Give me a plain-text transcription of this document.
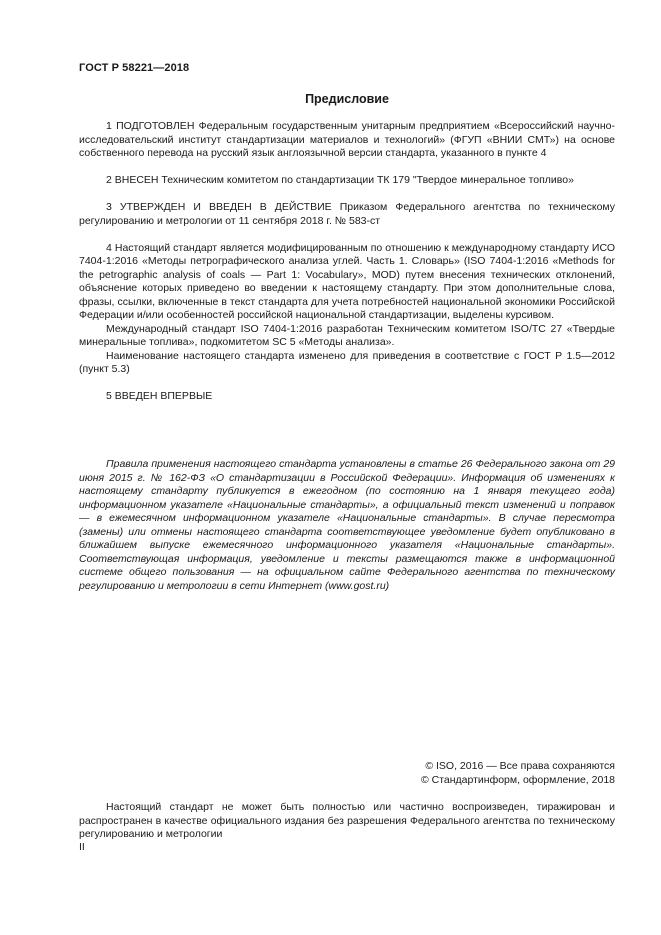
ГОСТ Р 58221—2018
Предисловие

1 ПОДГОТОВЛЕН Федеральным государственным унитарным предприятием «Всероссийский научно-исследовательский институт стандартизации материалов и технологий» (ФГУП «ВНИИ СМТ») на основе собственного перевода на русский язык англоязычной версии стандарта, указанного в пункте 4

2 ВНЕСЕН Техническим комитетом по стандартизации ТК 179 "Твердое минеральное топливо»

3 УТВЕРЖДЕН И ВВЕДЕН В ДЕЙСТВИЕ Приказом Федерального агентства по техническому регулированию и метрологии от 11 сентября 2018 г. № 583-ст

4 Настоящий стандарт является модифицированным по отношению к международному стандарту ИСО 7404-1:2016 «Методы петрографического анализа углей. Часть 1. Словарь» (ISO 7404-1:2016 «Methods for the petrographic analysis of coals — Part 1: Vocabulary», MOD) путем внесения технических отклонений, объяснение которых приведено во введении к настоящему стандарту. При этом дополнительные слова, фразы, ссылки, включенные в текст стандарта для учета потребностей национальной экономики Российской Федерации и/или особенностей российской национальной стандартизации, выделены курсивом.

Международный стандарт ISO 7404-1:2016 разработан Техническим комитетом ISO/TC 27 «Твердые минеральные топлива», подкомитетом SC 5 «Методы анализа».

Наименование настоящего стандарта изменено для приведения в соответствие с ГОСТ Р 1.5—2012 (пункт 5.3)

5 ВВЕДЕН ВПЕРВЫЕ

Правила применения настоящего стандарта установлены в статье 26 Федерального закона от 29 июня 2015 г. № 162-ФЗ «О стандартизации в Российской Федерации». Информация об изменениях к настоящему стандарту публикуется в ежегодном (по состоянию на 1 января текущего года) информационном указателе «Национальные стандарты», а официальный текст изменений и поправок — в ежемесячном информационном указателе «Национальные стандарты». В случае пересмотра (замены) или отмены настоящего стандарта соответствующее уведомление будет опубликовано в ближайшем выпуске ежемесячного информационного указателя «Национальные стандарты». Соответствующая информация, уведомление и тексты размещаются также в информационной системе общего пользования — на официальном сайте Федерального агентства по техническому регулированию и метрологии в сети Интернет (www.gost.ru)

© ISO, 2016 — Все права сохраняются
© Стандартинформ, оформление, 2018

Настоящий стандарт не может быть полностью или частично воспроизведен, тиражирован и распространен в качестве официального издания без разрешения Федерального агентства по техническому регулированию и метрологии

II
